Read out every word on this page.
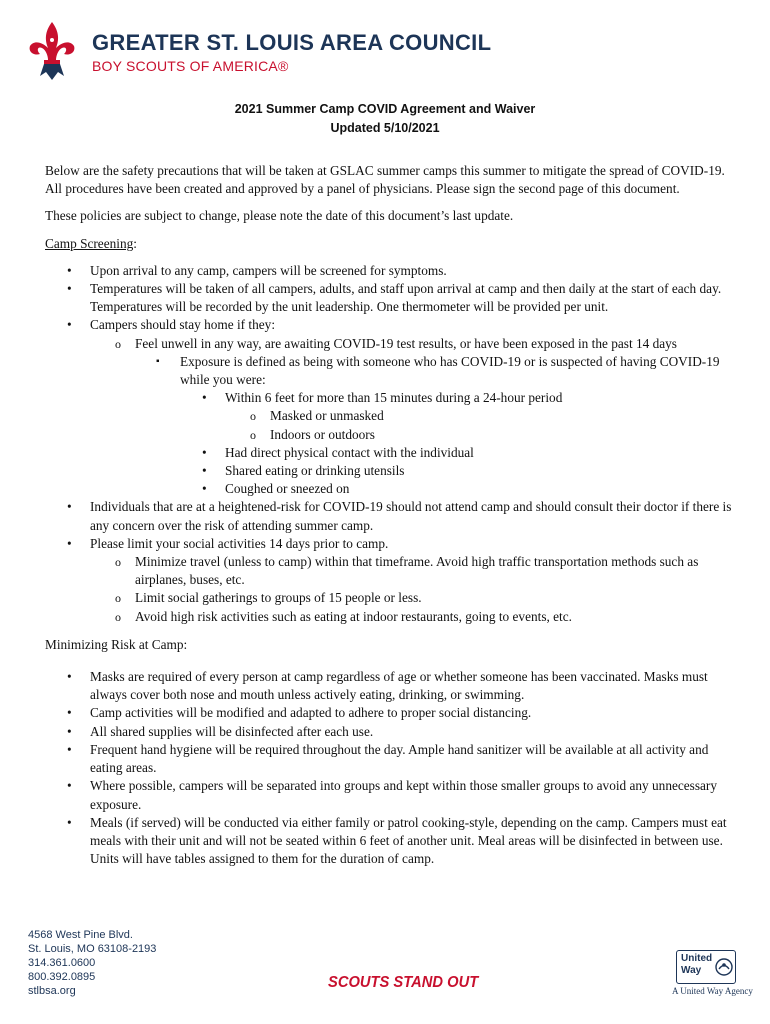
GREATER ST. LOUIS AREA COUNCIL
BOY SCOUTS OF AMERICA®
2021 Summer Camp COVID Agreement and Waiver
Updated 5/10/2021

Below are the safety precautions that will be taken at GSLAC summer camps this summer to mitigate the spread of COVID-19. All procedures have been created and approved by a panel of physicians. Please sign the second page of this document.

These policies are subject to change, please note the date of this document’s last update.

Camp Screening:

• Upon arrival to any camp, campers will be screened for symptoms.
• Temperatures will be taken of all campers, adults, and staff upon arrival at camp and then daily at the start of each day. Temperatures will be recorded by the unit leadership. One thermometer will be provided per unit.
• Campers should stay home if they:
o Feel unwell in any way, are awaiting COVID-19 test results, or have been exposed in the past 14 days
▪ Exposure is defined as being with someone who has COVID-19 or is suspected of having COVID-19 while you were:
• Within 6 feet for more than 15 minutes during a 24-hour period
o Masked or unmasked
o Indoors or outdoors
• Had direct physical contact with the individual
• Shared eating or drinking utensils
• Coughed or sneezed on
• Individuals that are at a heightened-risk for COVID-19 should not attend camp and should consult their doctor if there is any concern over the risk of attending summer camp.
• Please limit your social activities 14 days prior to camp.
o Minimize travel (unless to camp) within that timeframe. Avoid high traffic transportation methods such as airplanes, buses, etc.
o Limit social gatherings to groups of 15 people or less.
o Avoid high risk activities such as eating at indoor restaurants, going to events, etc.

Minimizing Risk at Camp:

• Masks are required of every person at camp regardless of age or whether someone has been vaccinated. Masks must always cover both nose and mouth unless actively eating, drinking, or swimming.
• Camp activities will be modified and adapted to adhere to proper social distancing.
• All shared supplies will be disinfected after each use.
• Frequent hand hygiene will be required throughout the day. Ample hand sanitizer will be available at all activity and eating areas.
• Where possible, campers will be separated into groups and kept within those smaller groups to avoid any unnecessary exposure.
• Meals (if served) will be conducted via either family or patrol cooking-style, depending on the camp. Campers must eat meals with their unit and will not be seated within 6 feet of another unit. Meal areas will be disinfected in between use. Units will have tables assigned to them for the duration of camp.
4568 West Pine Blvd.
St. Louis, MO 63108-2193
314.361.0600
800.392.0895
stlbsa.org	SCOUTS STAND OUT
United
Way
A United Way Agency
